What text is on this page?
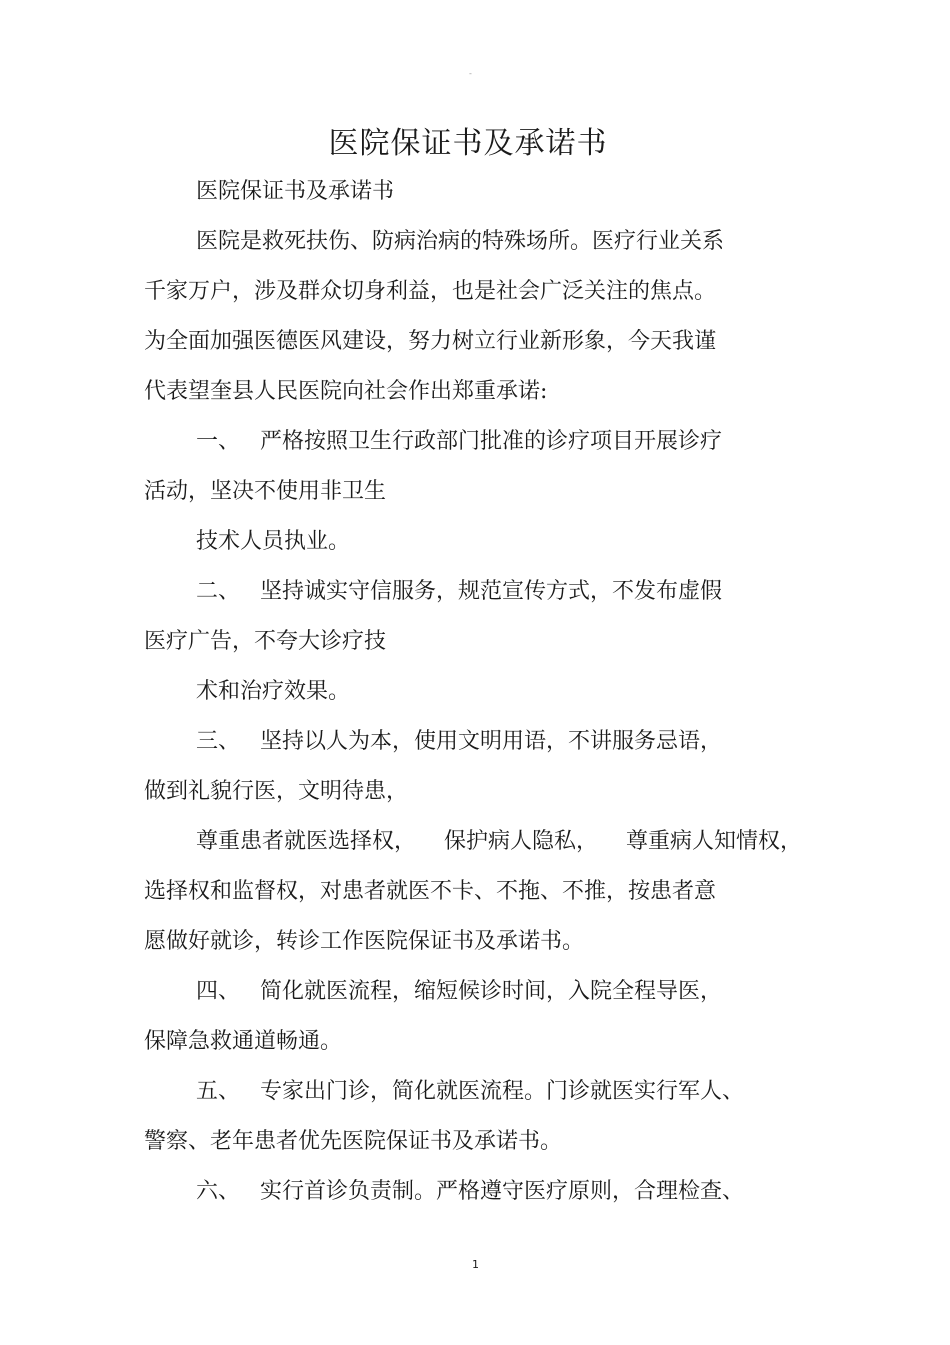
-
医院保证书及承诺书
医院保证书及承诺书
医院是救死扶伤、防病治病的特殊场所。医疗行业关系
千家万户，涉及群众切身利益，也是社会广泛关注的焦点。
为全面加强医德医风建设，努力树立行业新形象，今天我谨
代表望奎县人民医院向社会作出郑重承诺:
一、 严格按照卫生行政部门批准的诊疗项目开展诊疗
活动，坚决不使用非卫生
技术人员执业。
二、 坚持诚实守信服务，规范宣传方式，不发布虚假
医疗广告，不夸大诊疗技
术和治疗效果。
三、 坚持以人为本，使用文明用语，不讲服务忌语，
做到礼貌行医，文明待患，
尊重患者就医选择权，    保护病人隐私，    尊重病人知情权，
选择权和监督权，对患者就医不卡、不拖、不推，按患者意
愿做好就诊，转诊工作医院保证书及承诺书。
四、 简化就医流程，缩短候诊时间，入院全程导医，
保障急救通道畅通。
五、 专家出门诊，简化就医流程。门诊就医实行军人、
警察、老年患者优先医院保证书及承诺书。
六、 实行首诊负责制。严格遵守医疗原则，合理检查、
1
